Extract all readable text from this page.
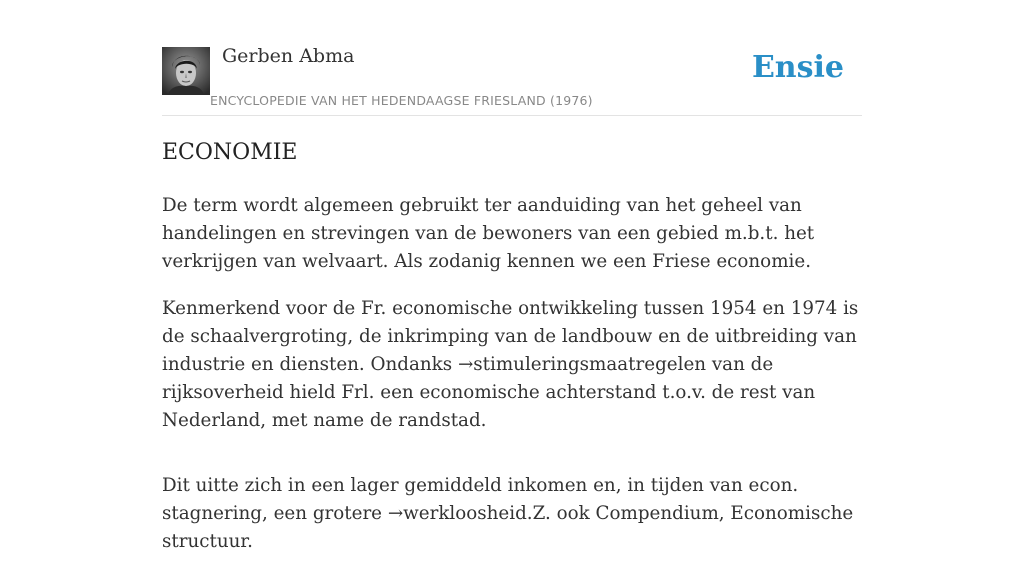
Gerben Abma
ENCYCLOPEDIE VAN HET HEDENDAAGSE FRIESLAND (1976)
Ensie
ECONOMIE

De term wordt algemeen gebruikt ter aanduiding van het geheel van handelingen en strevingen van de bewoners van een gebied m.b.t. het verkrijgen van welvaart. Als zodanig kennen we een Friese economie.

Kenmerkend voor de Fr. economische ontwikkeling tussen 1954 en 1974 is de schaalvergroting, de inkrimping van de landbouw en de uitbreiding van industrie en diensten. Ondanks →stimuleringsmaatregelen van de rijksoverheid hield Frl. een economische achterstand t.o.v. de rest van Nederland, met name de randstad.

Dit uitte zich in een lager gemiddeld inkomen en, in tijden van econ. stagnering, een grotere →werkloosheid.Z. ook Compendium, Economische structuur.
